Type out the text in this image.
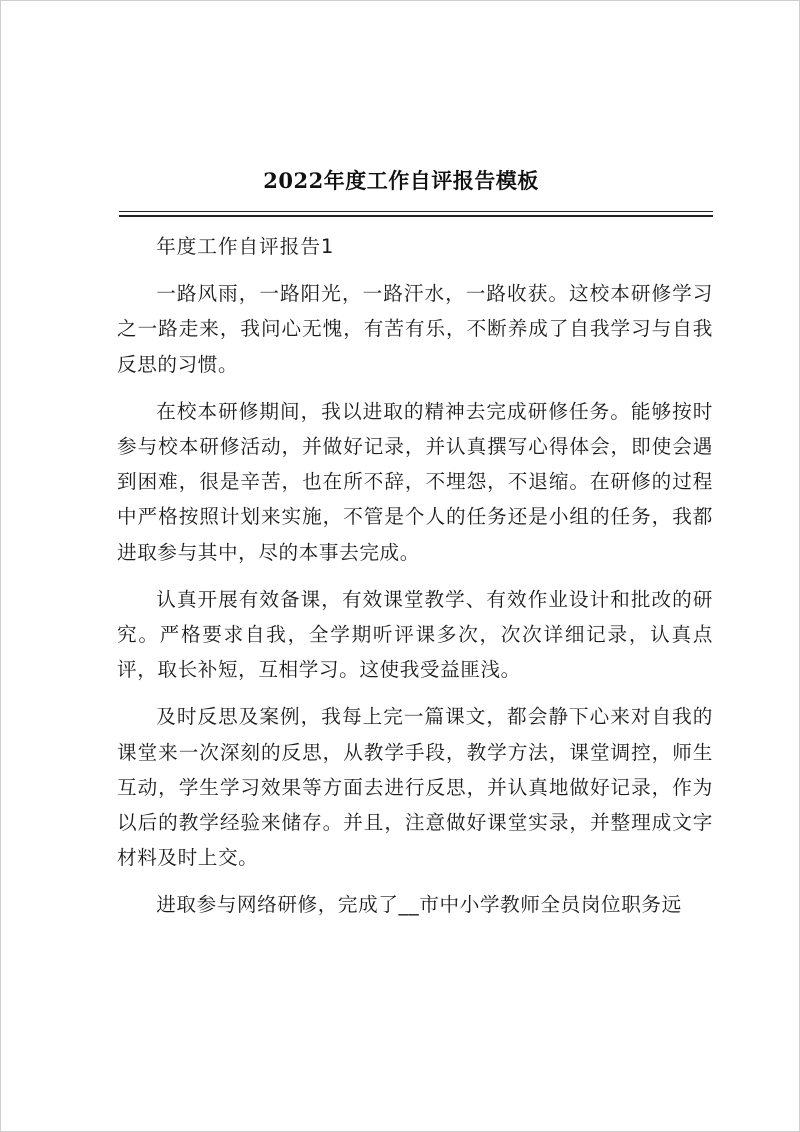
2022年度工作自评报告模板

年度工作自评报告1

一路风雨，一路阳光，一路汗水，一路收获。这校本研修学习之一路走来，我问心无愧，有苦有乐，不断养成了自我学习与自我反思的习惯。

在校本研修期间，我以进取的精神去完成研修任务。能够按时参与校本研修活动，并做好记录，并认真撰写心得体会，即使会遇到困难，很是辛苦，也在所不辞，不埋怨，不退缩。在研修的过程中严格按照计划来实施，不管是个人的任务还是小组的任务，我都进取参与其中，尽的本事去完成。

认真开展有效备课，有效课堂教学、有效作业设计和批改的研究。严格要求自我，全学期听评课多次，次次详细记录，认真点评，取长补短，互相学习。这使我受益匪浅。

及时反思及案例，我每上完一篇课文，都会静下心来对自我的课堂来一次深刻的反思，从教学手段，教学方法，课堂调控，师生互动，学生学习效果等方面去进行反思，并认真地做好记录，作为以后的教学经验来储存。并且，注意做好课堂实录，并整理成文字材料及时上交。

进取参与网络研修，完成了__市中小学教师全员岗位职务远
